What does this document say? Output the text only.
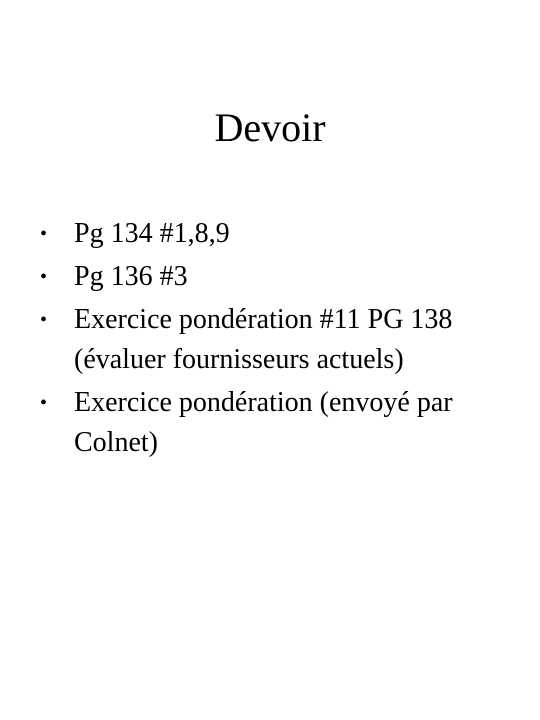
Devoir
• Pg 134 #1,8,9
• Pg 136 #3
• Exercice pondération #11 PG 138 (évaluer fournisseurs actuels)
• Exercice pondération (envoyé par Colnet)
